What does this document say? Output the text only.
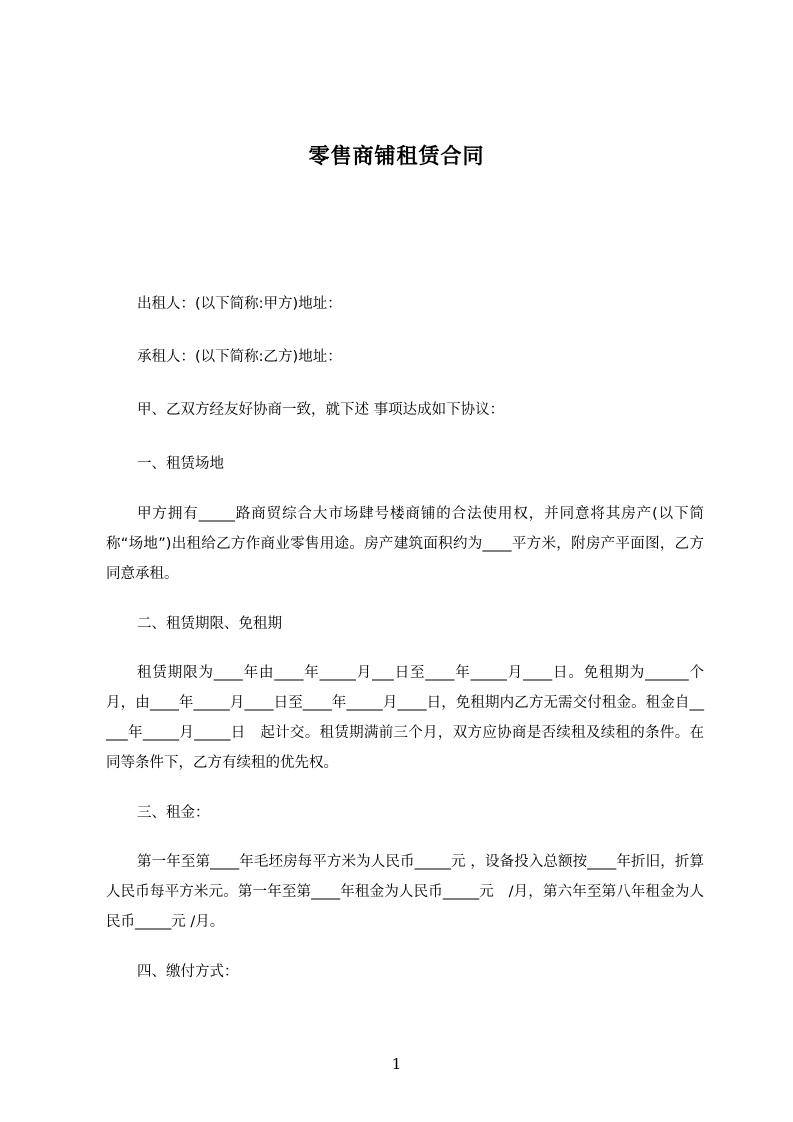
零售商铺租赁合同
出租人：(以下简称:甲方)地址：
承租人：(以下简称:乙方)地址：
甲、乙双方经友好协商一致，就下述 事项达成如下协议：
一、租赁场地
甲方拥有_____路商贸综合大市场肆号楼商铺的合法使用权，并同意将其房产(以下简称“场地”)出租给乙方作商业零售用途。房产建筑面积约为____平方米，附房产平面图，乙方同意承租。
二、租赁期限、免租期
租赁期限为____年由____年_____月___日至____年_____月____日。免租期为______个月，由____年_____月____日至____年_____月____日，免租期内乙方无需交付租金。租金自_____年_____月_____日　起计交。租赁期满前三个月，双方应协商是否续租及续租的条件。在同等条件下，乙方有续租的优先权。
三、租金：
第一年至第____年毛坯房每平方米为人民币_____元 ，设备投入总额按____年折旧，折算人民币每平方米元。第一年至第____年租金为人民币_____元　/月，第六年至第八年租金为人民币_____元 /月。
四、缴付方式：
1
